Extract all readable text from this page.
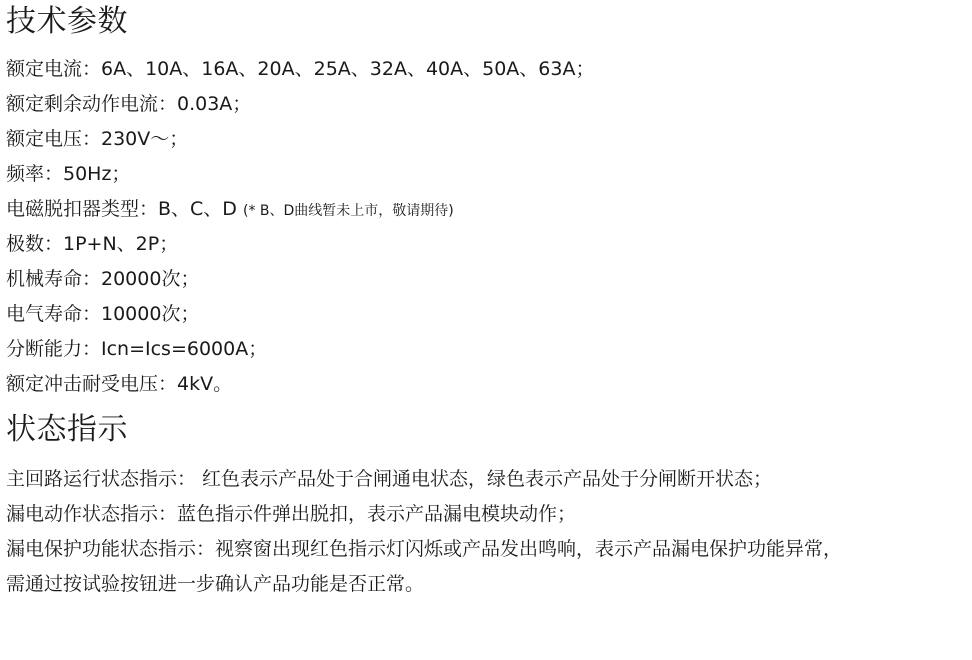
技术参数
额定电流：6A、10A、16A、20A、25A、32A、40A、50A、63A；
额定剩余动作电流：0.03A；
额定电压：230V～；
频率：50Hz；
电磁脱扣器类型：B、C、D (* B、D曲线暂未上市，敬请期待)
极数：1P+N、2P；
机械寿命：20000次；
电气寿命：10000次；
分断能力：Icn=Ics=6000A；
额定冲击耐受电压：4kV。
状态指示
主回路运行状态指示： 红色表示产品处于合闸通电状态，绿色表示产品处于分闸断开状态；
漏电动作状态指示：蓝色指示件弹出脱扣，表示产品漏电模块动作；
漏电保护功能状态指示：视察窗出现红色指示灯闪烁或产品发出鸣响，表示产品漏电保护功能异常，需通过按试验按钮进一步确认产品功能是否正常。
